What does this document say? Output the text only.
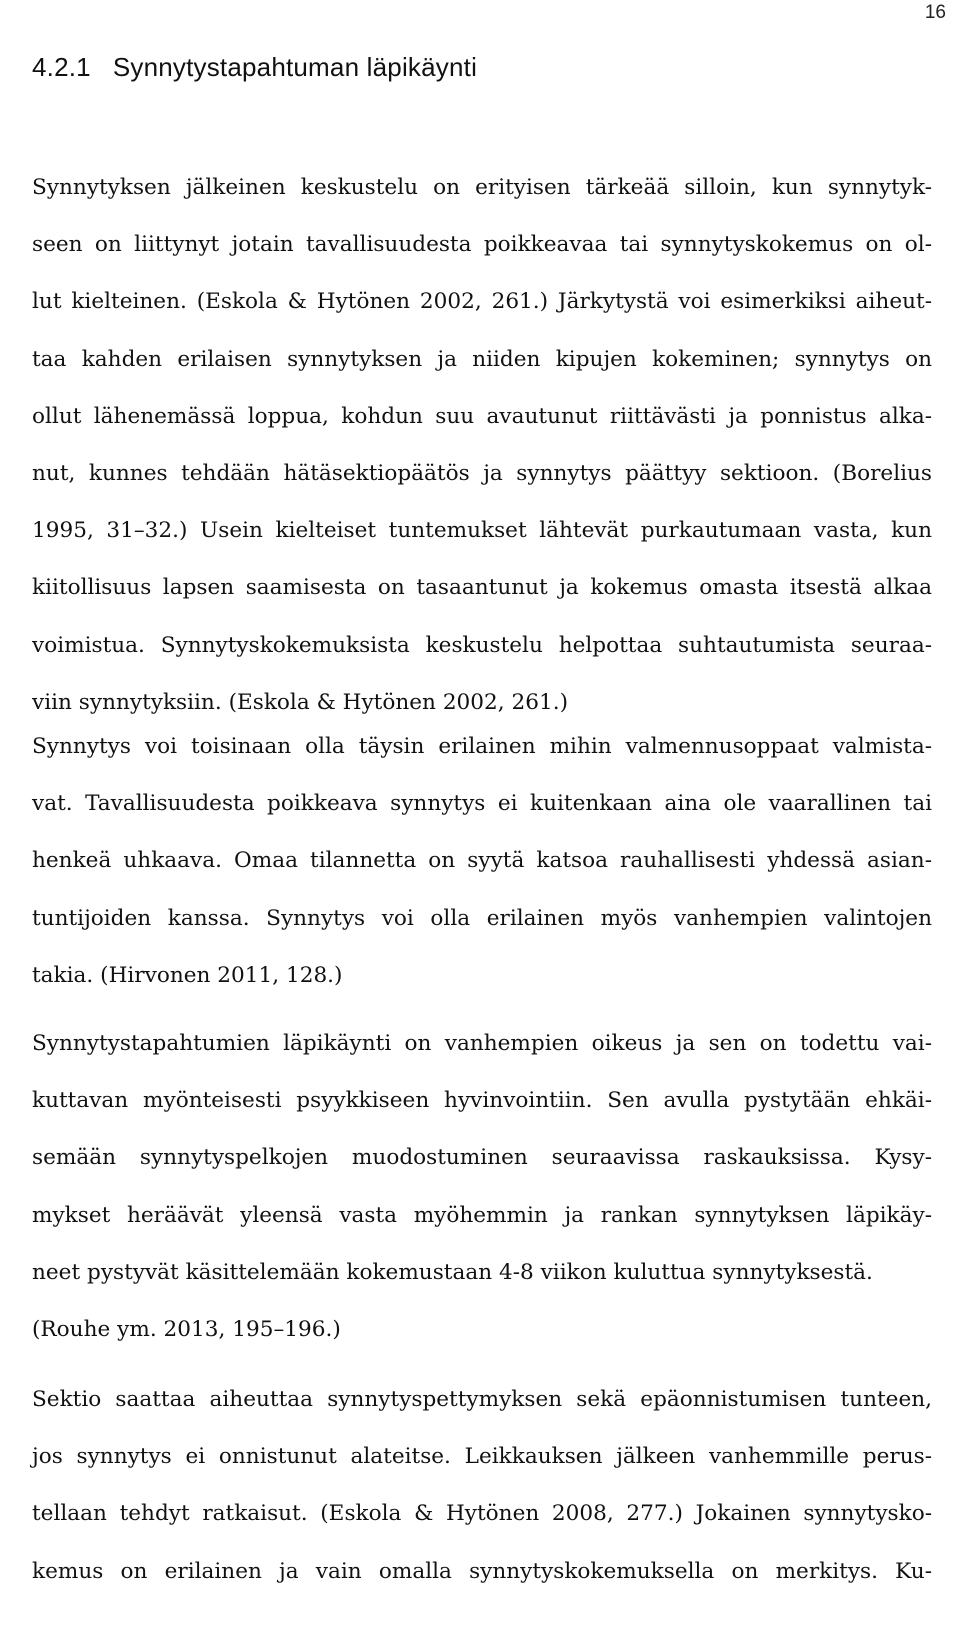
16
4.2.1 Synnytystapahtuman läpikäynti
Synnytyksen jälkeinen keskustelu on erityisen tärkeää silloin, kun synnytyk-
seen on liittynyt jotain tavallisuudesta poikkeavaa tai synnytyskokemus on ol-
lut kielteinen. (Eskola & Hytönen 2002, 261.) Järkytystä voi esimerkiksi aiheut-
taa kahden erilaisen synnytyksen ja niiden kipujen kokeminen; synnytys on
ollut lähenemässä loppua, kohdun suu avautunut riittävästi ja ponnistus alka-
nut, kunnes tehdään hätäsektiopäätös ja synnytys päättyy sektioon. (Borelius
1995, 31–32.) Usein kielteiset tuntemukset lähtevät purkautumaan vasta, kun
kiitollisuus lapsen saamisesta on tasaantunut ja kokemus omasta itsestä alkaa
voimistua. Synnytyskokemuksista keskustelu helpottaa suhtautumista seuraa-
viin synnytyksiin. (Eskola & Hytönen 2002, 261.)
Synnytys voi toisinaan olla täysin erilainen mihin valmennusoppaat valmista-
vat. Tavallisuudesta poikkeava synnytys ei kuitenkaan aina ole vaarallinen tai
henkeä uhkaava. Omaa tilannetta on syytä katsoa rauhallisesti yhdessä asian-
tuntijoiden kanssa. Synnytys voi olla erilainen myös vanhempien valintojen
takia. (Hirvonen 2011, 128.)
Synnytystapahtumien läpikäynti on vanhempien oikeus ja sen on todettu vai-
kuttavan myönteisesti psyykkiseen hyvinvointiin. Sen avulla pystytään ehkäi-
semään synnytyspelkojen muodostuminen seuraavissa raskauksissa. Kysy-
mykset heräävät yleensä vasta myöhemmin ja rankan synnytyksen läpikäy-
neet pystyvät käsittelemään kokemustaan 4-8 viikon kuluttua synnytyksestä.
(Rouhe ym. 2013, 195–196.)
Sektio saattaa aiheuttaa synnytyspettymyksen sekä epäonnistumisen tunteen,
jos synnytys ei onnistunut alateitse. Leikkauksen jälkeen vanhemmille perus-
tellaan tehdyt ratkaisut. (Eskola & Hytönen 2008, 277.) Jokainen synnytysko-
kemus on erilainen ja vain omalla synnytyskokemuksella on merkitys. Ku-
